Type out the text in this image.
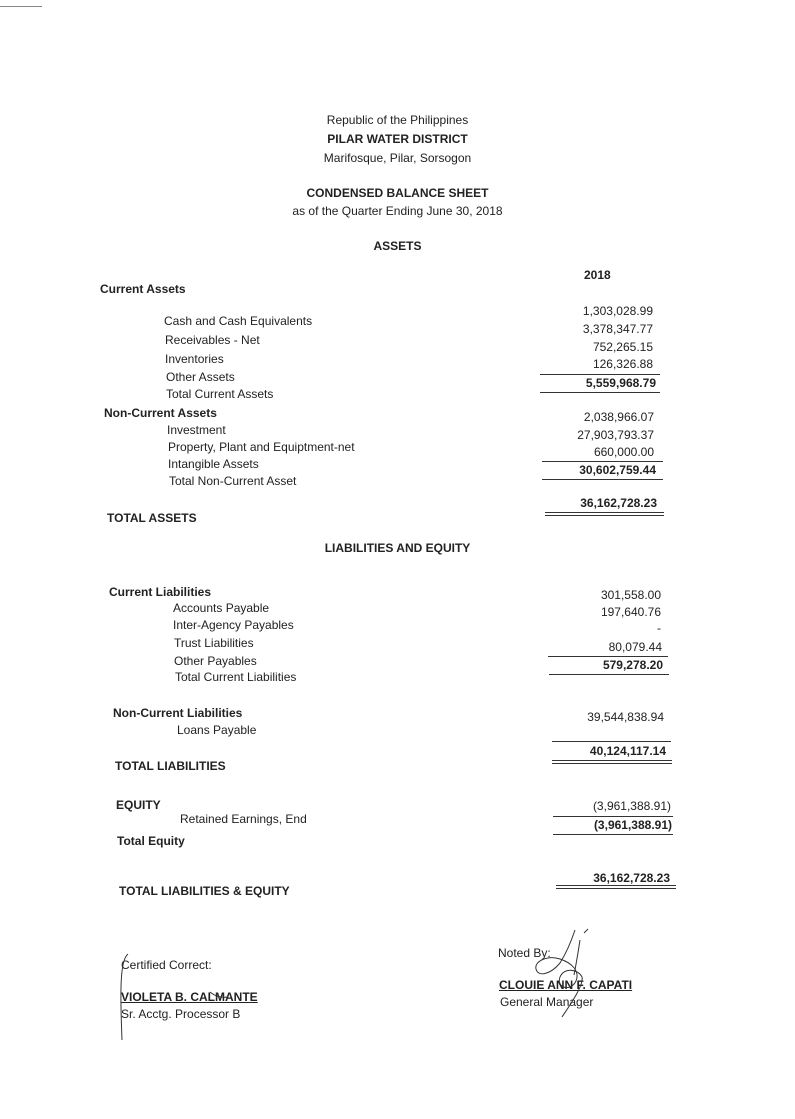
Republic of the Philippines
PILAR WATER DISTRICT
Marifosque, Pilar, Sorsogon
CONDENSED BALANCE SHEET
as of the Quarter Ending June 30, 2018
ASSETS
2018
Current Assets
Cash and Cash Equivalents
Receivables - Net
Inventories
Other Assets
Total Current Assets
1,303,028.99
3,378,347.77
752,265.15
126,326.88
5,559,968.79
Non-Current Assets
Investment
Property, Plant and Equiptment-net
Intangible Assets
Total Non-Current Asset
2,038,966.07
27,903,793.37
660,000.00
30,602,759.44
TOTAL ASSETS
36,162,728.23
LIABILITIES AND EQUITY
Current Liabilities
Accounts Payable
Inter-Agency Payables
Trust Liabilities
Other Payables
Total Current Liabilities
301,558.00
197,640.76
-
80,079.44
579,278.20
Non-Current Liabilities
Loans Payable
39,544,838.94
40,124,117.14
TOTAL LIABILITIES
EQUITY
Retained Earnings, End
(3,961,388.91)
(3,961,388.91)
Total Equity
TOTAL LIABILITIES & EQUITY
36,162,728.23
Certified Correct:
VIOLETA B. CALMANTE
Sr. Acctg. Processor B
Noted By:
CLOUIE ANN F. CAPATI
General Manager
